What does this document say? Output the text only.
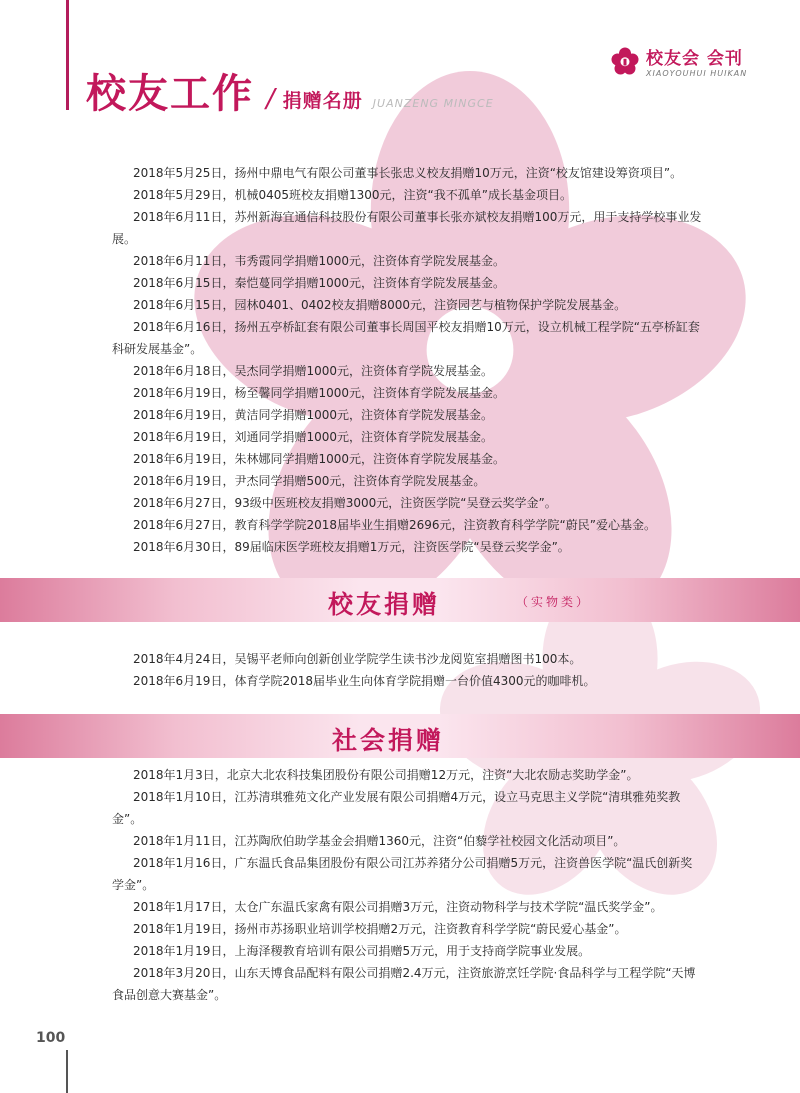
校友工作 / 捐赠名册 JUANZENG MINGCE
校友会 会刊
XIAOYOUHUI HUIKAN

2018年5月25日，扬州中鼎电气有限公司董事长张忠义校友捐赠10万元，注资“校友馆建设筹资项目”。

2018年5月29日，机械0405班校友捐赠1300元，注资“我不孤单”成长基金项目。

2018年6月11日，苏州新海宜通信科技股份有限公司董事长张亦斌校友捐赠100万元，用于支持学校事业发展。

2018年6月11日，韦秀霞同学捐赠1000元，注资体育学院发展基金。

2018年6月15日，秦恺蔓同学捐赠1000元，注资体育学院发展基金。

2018年6月15日，园林0401、0402校友捐赠8000元，注资园艺与植物保护学院发展基金。

2018年6月16日，扬州五亭桥缸套有限公司董事长周国平校友捐赠10万元，设立机械工程学院“五亭桥缸套科研发展基金”。

2018年6月18日，吴杰同学捐赠1000元，注资体育学院发展基金。

2018年6月19日，杨至馨同学捐赠1000元，注资体育学院发展基金。

2018年6月19日，黄洁同学捐赠1000元，注资体育学院发展基金。

2018年6月19日，刘通同学捐赠1000元，注资体育学院发展基金。

2018年6月19日，朱林娜同学捐赠1000元，注资体育学院发展基金。

2018年6月19日，尹杰同学捐赠500元，注资体育学院发展基金。

2018年6月27日，93级中医班校友捐赠3000元，注资医学院“吴登云奖学金”。

2018年6月27日，教育科学学院2018届毕业生捐赠2696元，注资教育科学学院“蔚民”爱心基金。

2018年6月30日，89届临床医学班校友捐赠1万元，注资医学院“吴登云奖学金”。

校友捐赠	（实物类）

2018年4月24日，吴锡平老师向创新创业学院学生读书沙龙阅览室捐赠图书100本。

2018年6月19日，体育学院2018届毕业生向体育学院捐赠一台价值4300元的咖啡机。

社会捐赠

2018年1月3日，北京大北农科技集团股份有限公司捐赠12万元，注资“大北农励志奖助学金”。

2018年1月10日，江苏清琪雅苑文化产业发展有限公司捐赠4万元，设立马克思主义学院“清琪雅苑奖教金”。

2018年1月11日，江苏陶欣伯助学基金会捐赠1360元，注资“伯藜学社校园文化活动项目”。

2018年1月16日，广东温氏食品集团股份有限公司江苏养猪分公司捐赠5万元，注资兽医学院“温氏创新奖学金”。

2018年1月17日，太仓广东温氏家禽有限公司捐赠3万元，注资动物科学与技术学院“温氏奖学金”。

2018年1月19日，扬州市苏扬职业培训学校捐赠2万元，注资教育科学学院“蔚民爱心基金”。

2018年1月19日，上海泽稷教育培训有限公司捐赠5万元，用于支持商学院事业发展。

2018年3月20日，山东天博食品配料有限公司捐赠2.4万元，注资旅游烹饪学院·食品科学与工程学院“天博食品创意大赛基金”。

100
